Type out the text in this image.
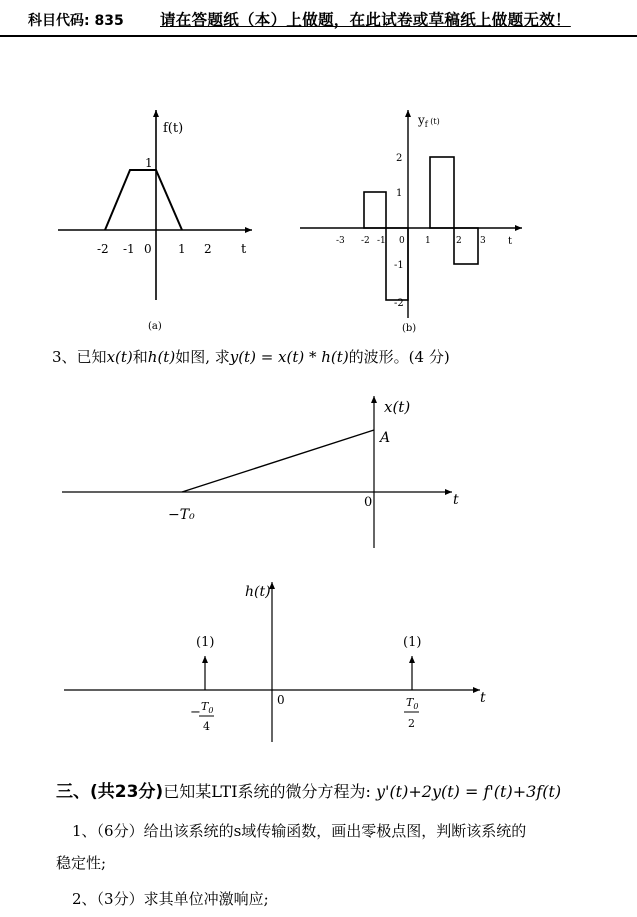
科目代码: 835 请在答题纸（本）上做题，在此试卷或草稿纸上做题无效！
f(t)
1
t
-2 -1 0 1 2
(a)
$y_f$ $^{(t)}$
t
2
1
-1
-2
-3 -2 -1 0 1	2 3
(b)
x(t)
A
−T₀
0	t
h(t)
(1)	(1)
0	t
− $T_0$
4
$T_0$
2
3、已知x(t)和h(t)如图, 求y(t) = x(t) * h(t)的波形。(4 分)
三、(共23分)已知某LTI系统的微分方程为: y'(t)+2y(t) = f'(t)+3f(t)
1、（6分）给出该系统的s域传输函数，画出零极点图，判断该系统的
稳定性;
2、（3分）求其单位冲激响应;
